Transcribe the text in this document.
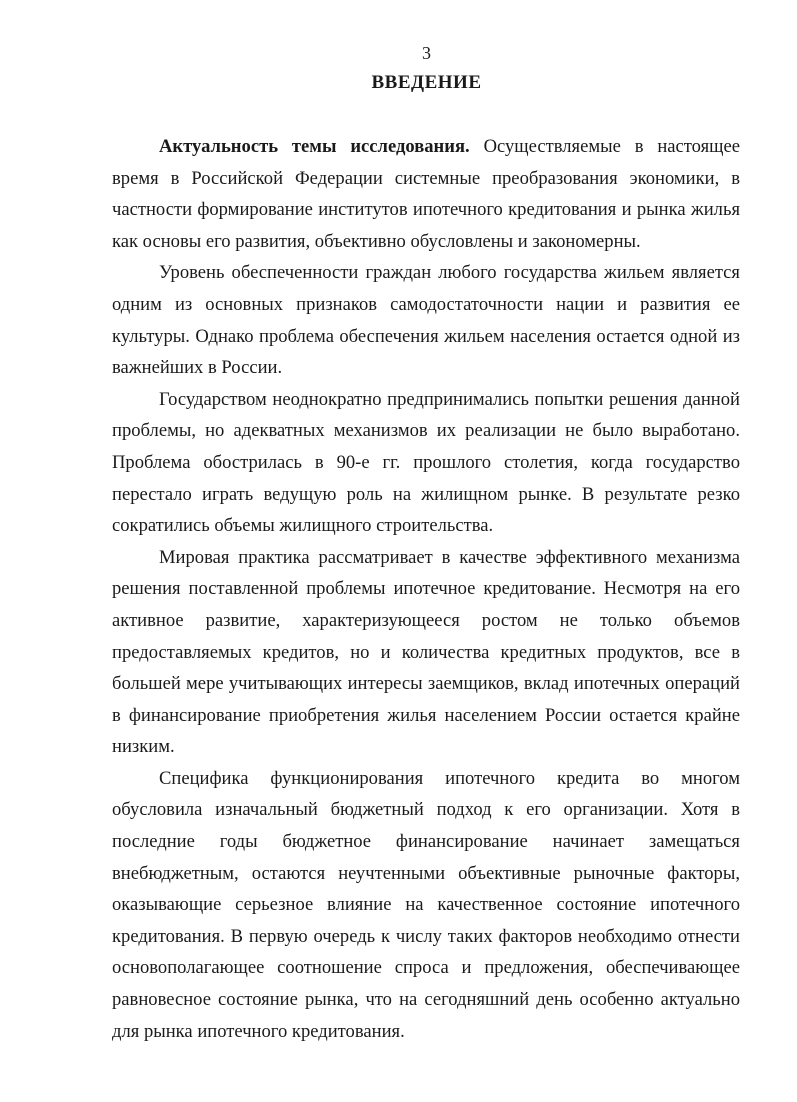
3
ВВЕДЕНИЕ

Актуальность темы исследования. Осуществляемые в настоящее время в Российской Федерации системные преобразования экономики, в частности формирование институтов ипотечного кредитования и рынка жилья как основы его развития, объективно обусловлены и закономерны.

Уровень обеспеченности граждан любого государства жильем является одним из основных признаков самодостаточности нации и развития ее культуры. Однако проблема обеспечения жильем населения остается одной из важнейших в России.

Государством неоднократно предпринимались попытки решения данной проблемы, но адекватных механизмов их реализации не было выработано. Проблема обострилась в 90-е гг. прошлого столетия, когда государство перестало играть ведущую роль на жилищном рынке. В результате резко сократились объемы жилищного строительства.

Мировая практика рассматривает в качестве эффективного механизма решения поставленной проблемы ипотечное кредитование. Несмотря на его активное развитие, характеризующееся ростом не только объемов предоставляемых кредитов, но и количества кредитных продуктов, все в большей мере учитывающих интересы заемщиков, вклад ипотечных операций в финансирование приобретения жилья населением России остается крайне низким.

Специфика функционирования ипотечного кредита во многом обусловила изначальный бюджетный подход к его организации. Хотя в последние годы бюджетное финансирование начинает замещаться внебюджетным, остаются неучтенными объективные рыночные факторы, оказывающие серьезное влияние на качественное состояние ипотечного кредитования. В первую очередь к числу таких факторов необходимо отнести основополагающее соотношение спроса и предложения, обеспечивающее равновесное состояние рынка, что на сегодняшний день особенно актуально для рынка ипотечного кредитования.
